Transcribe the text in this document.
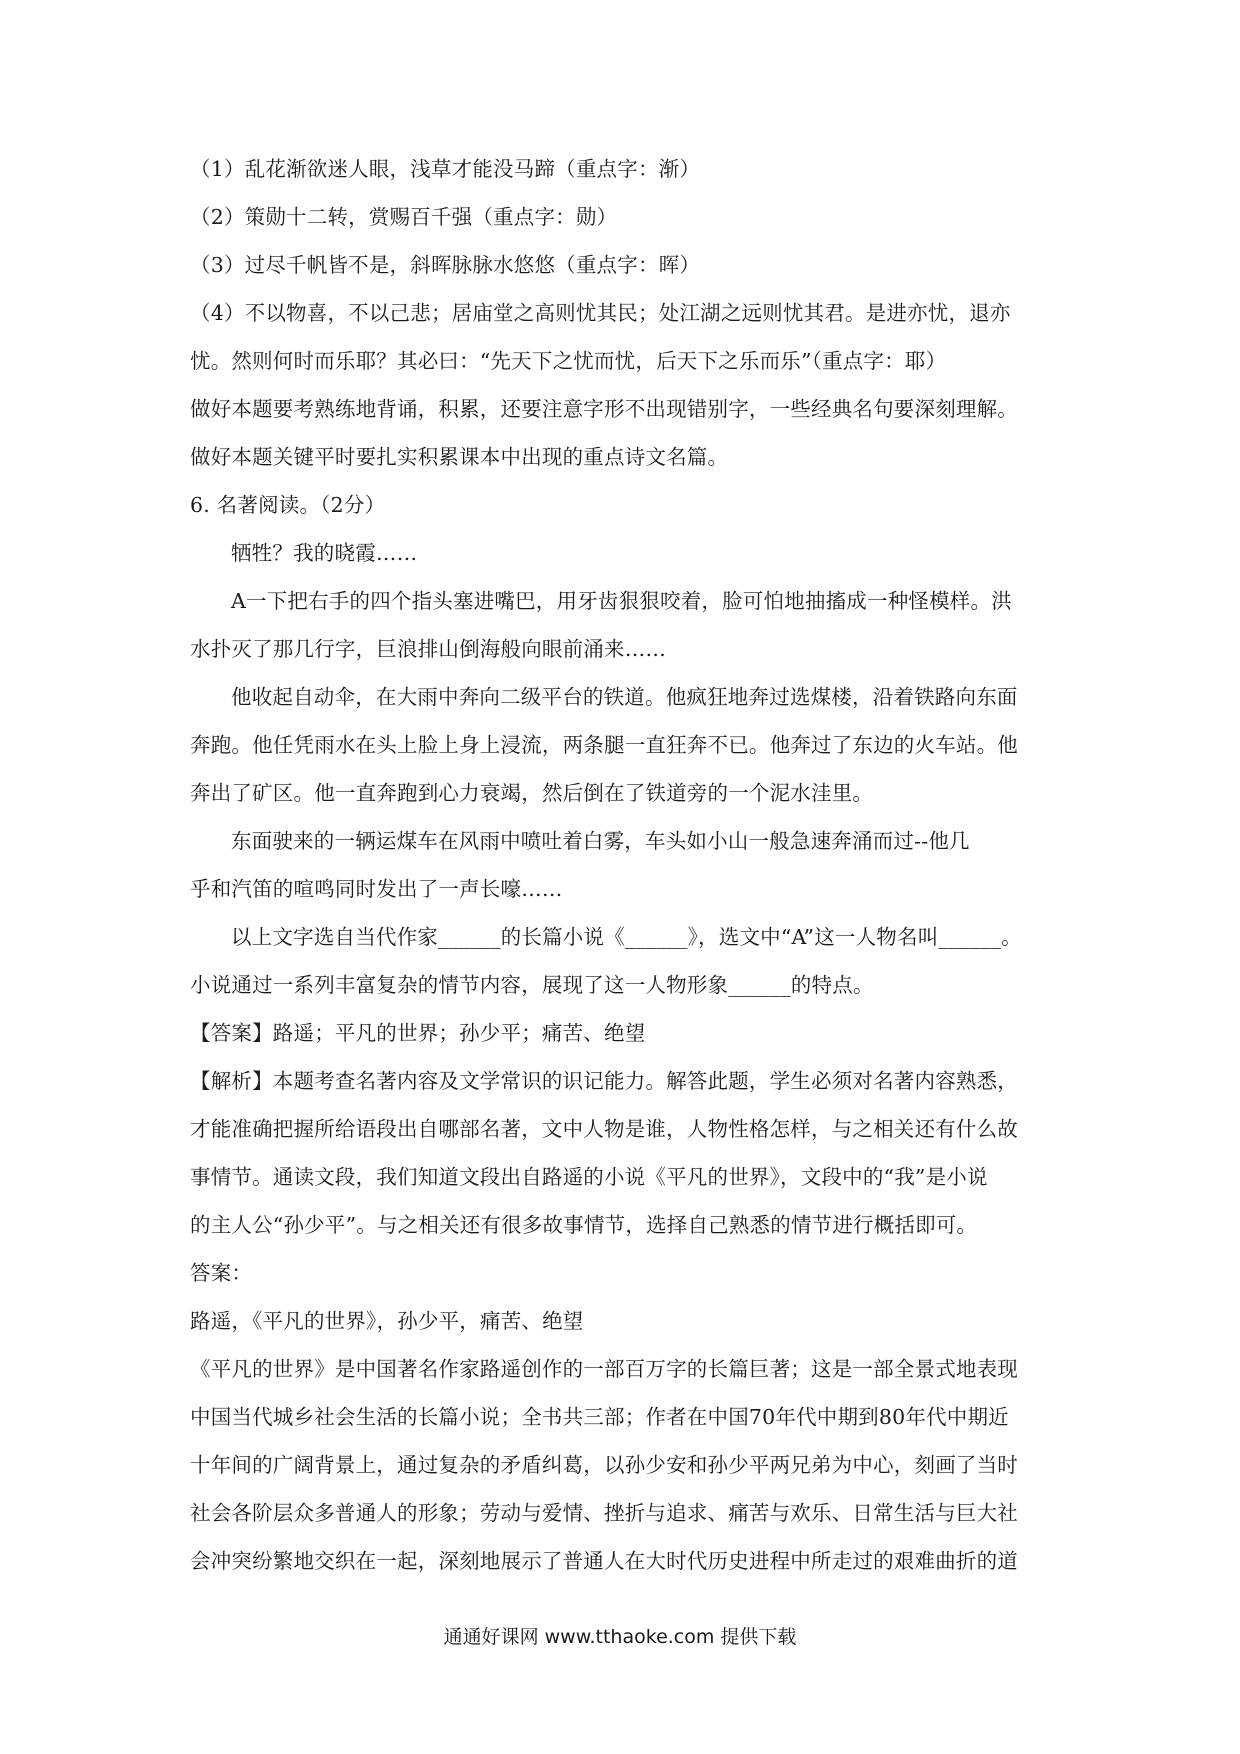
（1）乱花渐欲迷人眼，浅草才能没马蹄（重点字：渐）
（2）策勋十二转，赏赐百千强（重点字：勋）
（3）过尽千帆皆不是，斜晖脉脉水悠悠（重点字：晖）
（4）不以物喜，不以己悲；居庙堂之高则忧其民；处江湖之远则忧其君。是进亦忧，退亦
忧。然则何时而乐耶？其必曰：“先天下之忧而忧，后天下之乐而乐”（重点字：耶）
做好本题要考熟练地背诵，积累，还要注意字形不出现错别字，一些经典名句要深刻理解。
做好本题关键平时要扎实积累课本中出现的重点诗文名篇。
6. 名著阅读。（2分）
牺牲？我的晓霞……
A一下把右手的四个指头塞进嘴巴，用牙齿狠狠咬着，脸可怕地抽搐成一种怪模样。洪
水扑灭了那几行字，巨浪排山倒海般向眼前涌来……
他收起自动伞，在大雨中奔向二级平台的铁道。他疯狂地奔过选煤楼，沿着铁路向东面
奔跑。他任凭雨水在头上脸上身上浸流，两条腿一直狂奔不已。他奔过了东边的火车站。他
奔出了矿区。他一直奔跑到心力衰竭，然后倒在了铁道旁的一个泥水洼里。
东面驶来的一辆运煤车在风雨中喷吐着白雾，车头如小山一般急速奔涌而过--他几
乎和汽笛的喧鸣同时发出了一声长嚎……
以上文字选自当代作家______的长篇小说《______》，选文中“A”这一人物名叫______。
小说通过一系列丰富复杂的情节内容，展现了这一人物形象______的特点。
【答案】路遥；平凡的世界；孙少平；痛苦、绝望
【解析】本题考查名著内容及文学常识的识记能力。解答此题，学生必须对名著内容熟悉，
才能准确把握所给语段出自哪部名著，文中人物是谁，人物性格怎样，与之相关还有什么故
事情节。通读文段，我们知道文段出自路遥的小说《平凡的世界》，文段中的“我”是小说
的主人公“孙少平”。与之相关还有很多故事情节，选择自己熟悉的情节进行概括即可。
答案：
路遥，《平凡的世界》，孙少平，痛苦、绝望
《平凡的世界》是中国著名作家路遥创作的一部百万字的长篇巨著；这是一部全景式地表现
中国当代城乡社会生活的长篇小说；全书共三部；作者在中国70年代中期到80年代中期近
十年间的广阔背景上，通过复杂的矛盾纠葛，以孙少安和孙少平两兄弟为中心，刻画了当时
社会各阶层众多普通人的形象；劳动与爱情、挫折与追求、痛苦与欢乐、日常生活与巨大社
会冲突纷繁地交织在一起，深刻地展示了普通人在大时代历史进程中所走过的艰难曲折的道
通通好课网 www.tthaoke.com 提供下载
